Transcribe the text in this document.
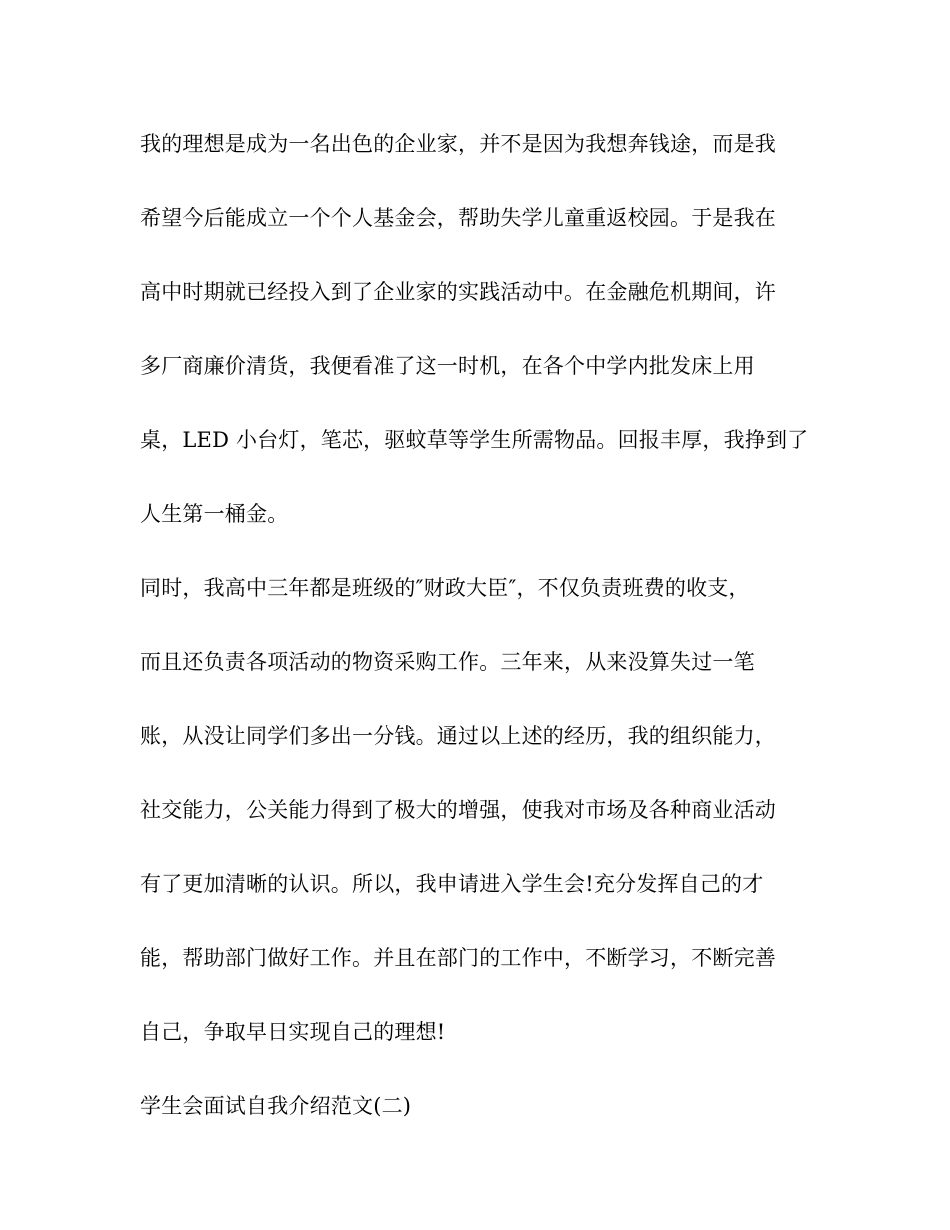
我的理想是成为一名出色的企业家，并不是因为我想奔钱途，而是我
希望今后能成立一个个人基金会，帮助失学儿童重返校园。于是我在
高中时期就已经投入到了企业家的实践活动中。在金融危机期间，许
多厂商廉价清货，我便看准了这一时机，在各个中学内批发床上用
桌，LED 小台灯，笔芯，驱蚊草等学生所需物品。回报丰厚，我挣到了
人生第一桶金。
同时，我高中三年都是班级的″财政大臣″，不仅负责班费的收支，
而且还负责各项活动的物资采购工作。三年来，从来没算失过一笔
账，从没让同学们多出一分钱。通过以上述的经历，我的组织能力，
社交能力，公关能力得到了极大的增强，使我对市场及各种商业活动
有了更加清晰的认识。所以，我申请进入学生会!充分发挥自己的才
能，帮助部门做好工作。并且在部门的工作中，不断学习，不断完善
自己，争取早日实现自己的理想!
学生会面试自我介绍范文(二)
